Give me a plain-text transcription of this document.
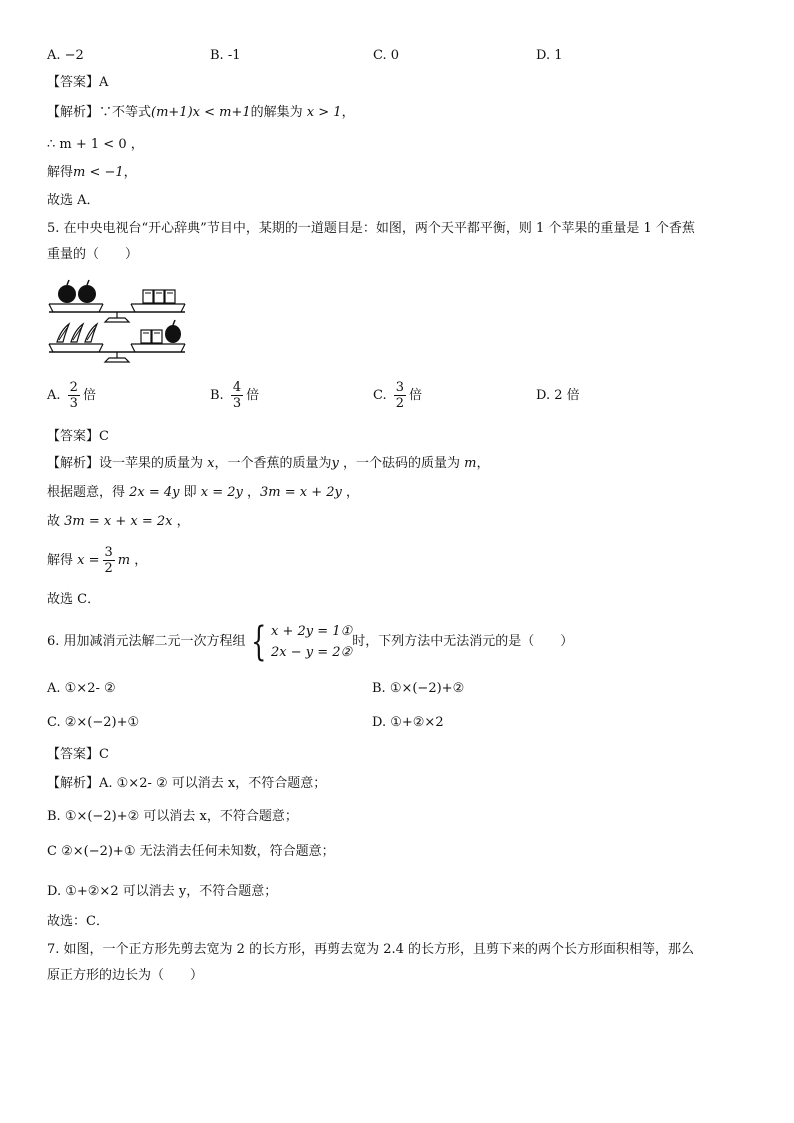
A. −2	B. -1	C. 0	D. 1
【答案】A
【解析】∵不等式(m+1)x < m+1的解集为 x > 1，
∴ m + 1 < 0 ，
解得m < −1，
故选 A．
5. 在中央电视台“开心辞典”节目中，某期的一道题目是：如图，两个天平都平衡，则 1 个苹果的重量是 1 个香蕉
重量的（　　）
A. $\frac{2}{3}$ 倍	B. $\frac{4}{3}$ 倍	C. $\frac{3}{2}$ 倍	D. 2 倍
【答案】C
【解析】设一苹果的质量为 x，一个香蕉的质量为y ，一个砝码的质量为 m，
根据题意，得 2x = 4y 即 x = 2y ，3m = x + 2y ，
故 3m = x + x = 2x ，
解得 $x = \frac{3}{2}$ m ，
故选 C．
6. 用加减消元法解二元一次方程组 { x + 2y = 1①
2x − y = 2②
时，下列方法中无法消元的是（　　）
A. ①×2- ②	B. ①×(−2)+②
C. ②×(−2)+①	D. ①+②×2
【答案】C
【解析】A. ①×2- ② 可以消去 x，不符合题意；
B. ①×(−2)+② 可以消去 x，不符合题意；
C ②×(−2)+① 无法消去任何未知数，符合题意；
D. ①+②×2 可以消去 y，不符合题意；
故选：C．
7. 如图，一个正方形先剪去宽为 2 的长方形，再剪去宽为 2.4 的长方形，且剪下来的两个长方形面积相等，那么
原正方形的边长为（　　）
